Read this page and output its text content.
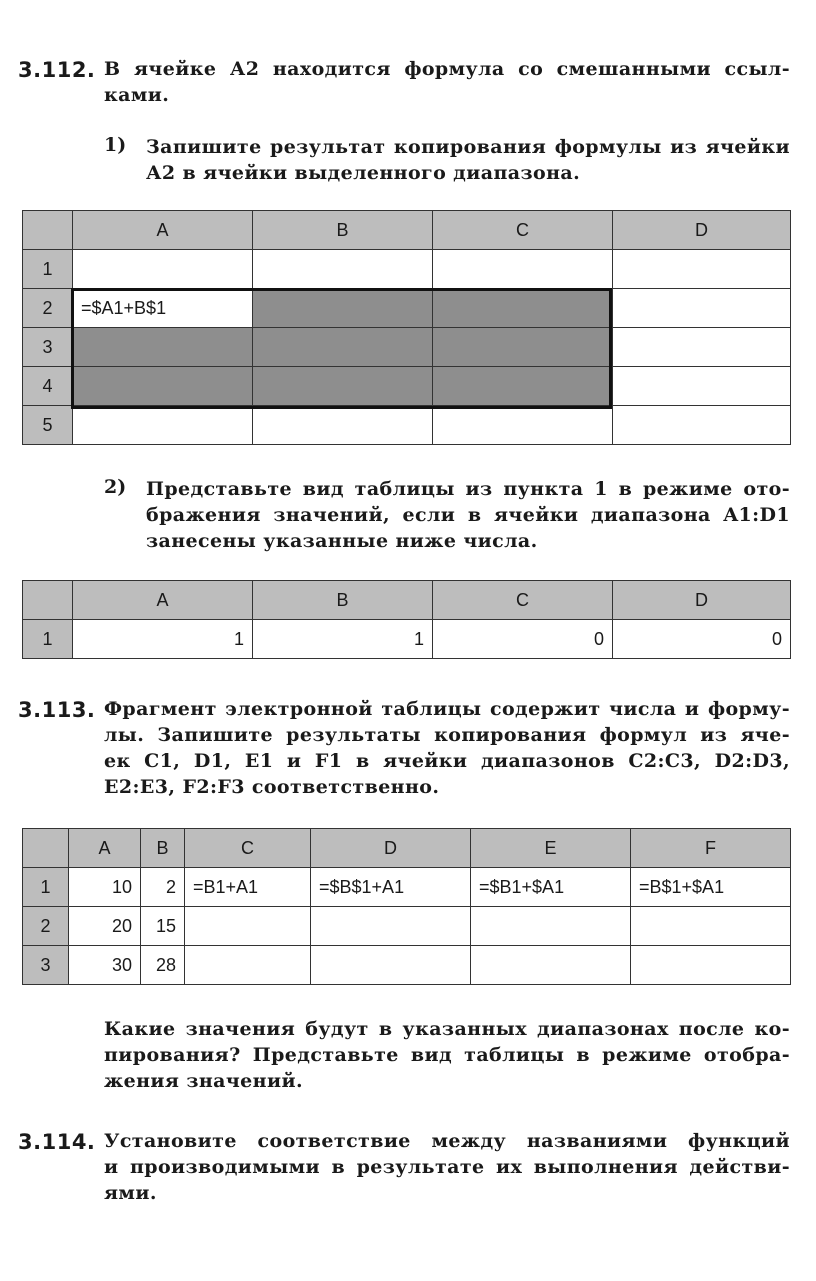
3.112. В ячейке А2 находится формула со смешанными ссыл-
ками.
1) Запишите результат копирования формулы из ячейки
А2 в ячейки выделенного диапазона.
	A	B	C	D
1				
2	=$A1+B$1			
3				
4				
5				
2) Представьте вид таблицы из пункта 1 в режиме ото-
бражения значений, если в ячейки диапазона A1:D1
занесены указанные ниже числа.
	A	B	C	D
1	1	1	0	0
3.113. Фрагмент электронной таблицы содержит числа и форму-
лы. Запишите результаты копирования формул из яче-
ек C1, D1, E1 и F1 в ячейки диапазонов C2:C3, D2:D3,
E2:E3, F2:F3 соответственно.
	A	B	C	D	E	F
1	10	2	=B1+A1	=$B$1+A1	=$B1+$A1	=B$1+$A1
2	20	15				
3	30	28				
Какие значения будут в указанных диапазонах после ко-
пирования? Представьте вид таблицы в режиме отобра-
жения значений.
3.114. Установите соответствие между названиями функций
и производимыми в результате их выполнения действи-
ями.
